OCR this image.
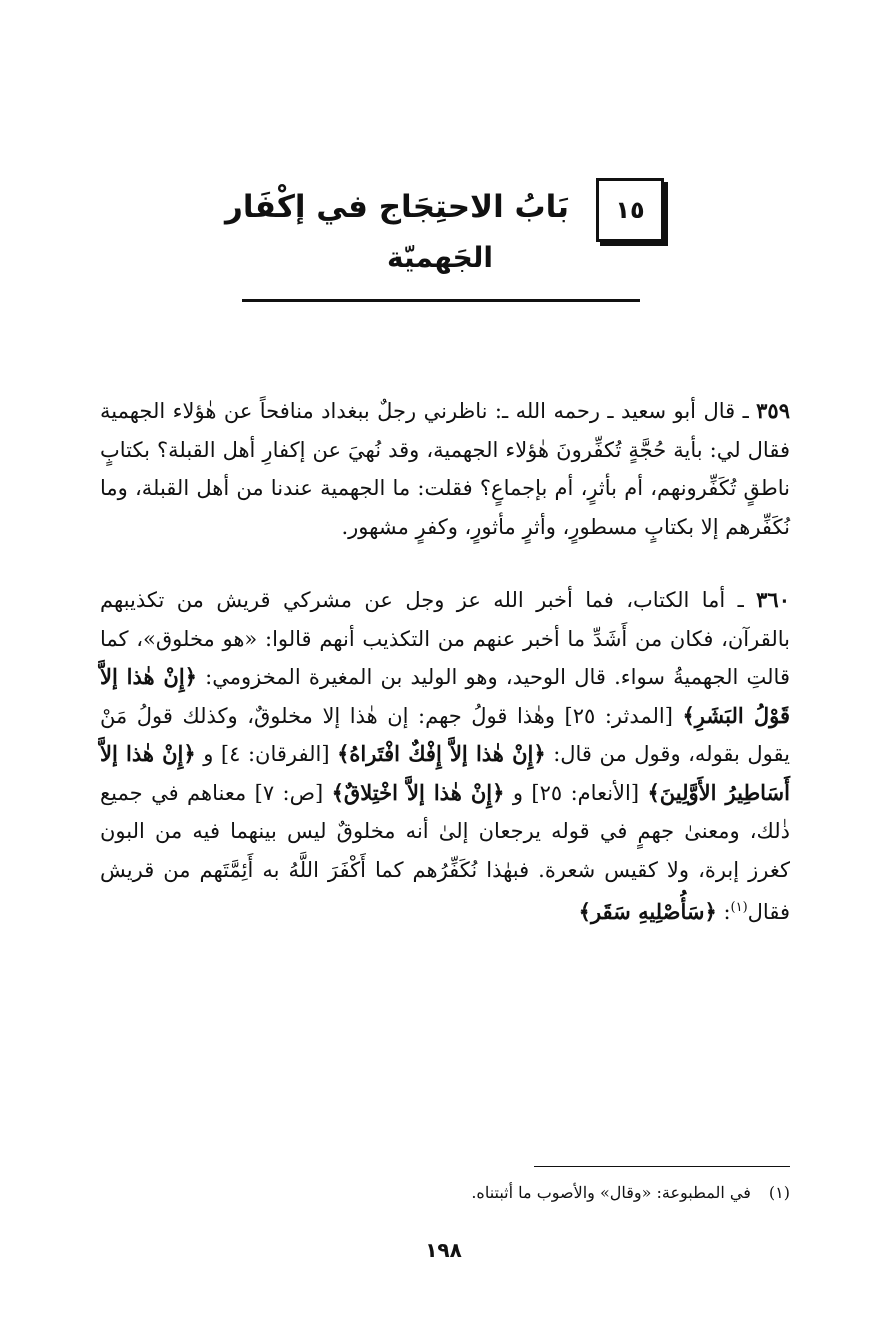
١٥
بَابُ الاحتِجَاج في إكْفَار
الجَهميّة

٣٥٩ ـ قال أبو سعيد ـ رحمه الله ـ: ناظرني رجلٌ ببغداد منافحاً عن هٰؤلاء الجهمية فقال لي: بأية حُجَّةٍ تُكفِّرونَ هٰؤلاء الجهمية، وقد نُهيَ عن إكفارِ أهل القبلة؟ بكتابٍ ناطقٍ تُكَفِّرونهم، أم بأثرٍ، أم بإجماعٍ؟ فقلت: ما الجهمية عندنا من أهل القبلة، وما نُكَفِّرهم إلا بكتابٍ مسطورٍ، وأثرٍ مأثورٍ، وكفرٍ مشهور.

٣٦٠ ـ أما الكتاب، فما أخبر الله عز وجل عن مشركي قريش من تكذيبهم بالقرآن، فكان من أَشَدِّ ما أخبر عنهم من التكذيب أنهم قالوا: «هو مخلوق»، كما قالتِ الجهميةُ سواء. قال الوحيد، وهو الوليد بن المغيرة المخزومي: ﴿إِنْ هٰذا إلاَّ قَوْلُ البَشَرِ﴾ [المدثر: ٢٥] وهٰذا قولُ جهم: إن هٰذا إلا مخلوقٌ، وكذلك قولُ مَنْ يقول بقوله، وقول من قال: ﴿إِنْ هٰذا إلاَّ إِفْكٌ افْتَراهُ﴾ [الفرقان: ٤] و ﴿إِنْ هٰذا إلاَّ أَسَاطِيرُ الأَوَّلِينَ﴾ [الأنعام: ٢٥] و ﴿إِنْ هٰذا إلاَّ اخْتِلاقٌ﴾ [ص: ٧] معناهم في جميع ذٰلك، ومعنىٰ جهمٍ في قوله يرجعان إلىٰ أنه مخلوقٌ ليس بينهما فيه من البون كغرز إبرة، ولا كقيس شعرة. فبهٰذا نُكَفِّرُهم كما أَكْفَرَ اللَّهُ به أَئِمَّتَهم من قريش فقال$^{(١)}$: ﴿سَأُصْلِيهِ سَقَر﴾

(١)في المطبوعة: «وقال» والأصوب ما أثبتناه.
١٩٨
